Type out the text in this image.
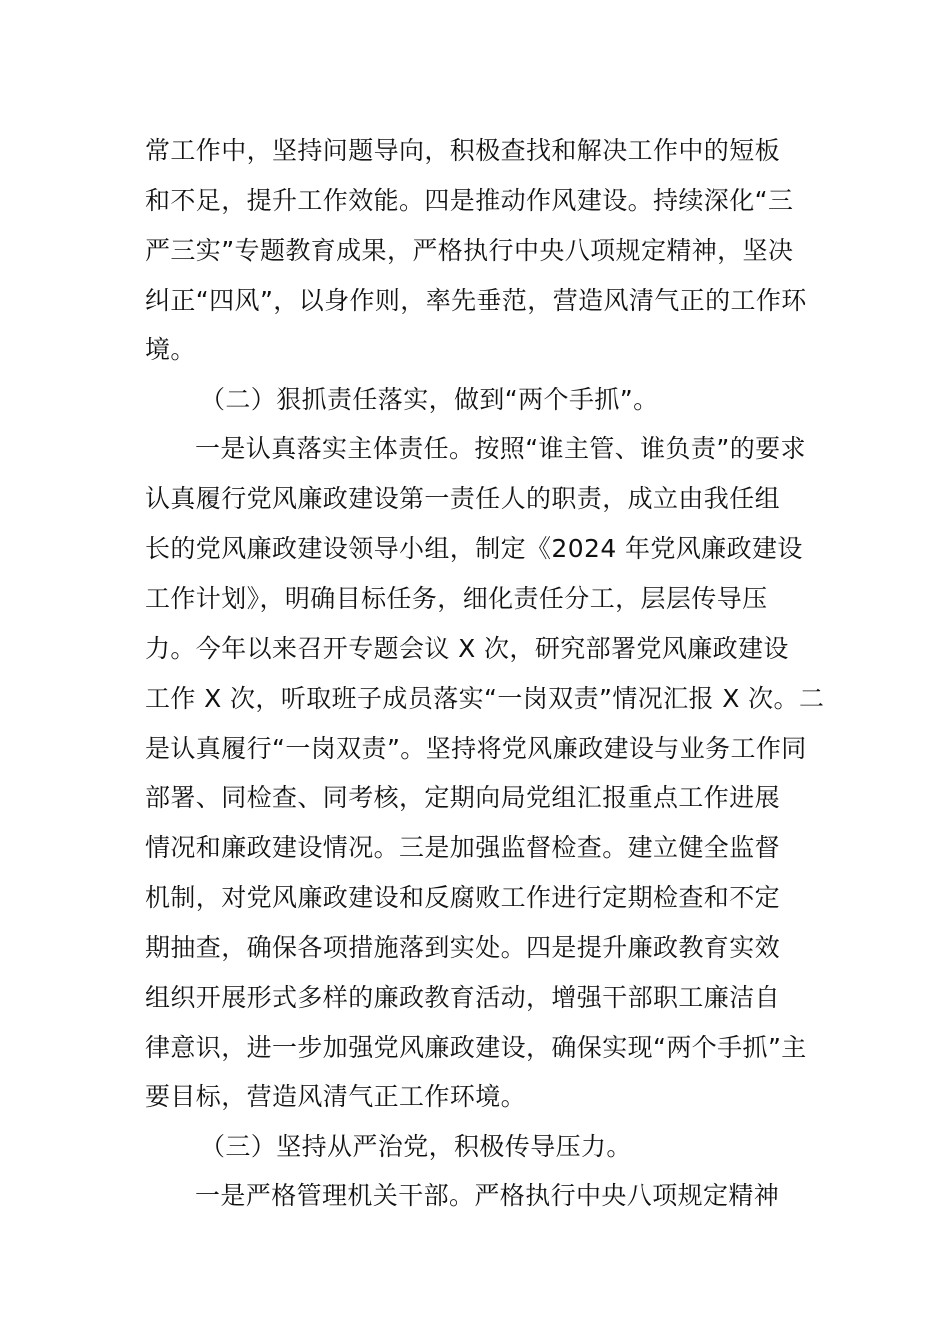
常工作中，坚持问题导向，积极查找和解决工作中的短板
和不足，提升工作效能。四是推动作风建设。持续深化“三
严三实”专题教育成果，严格执行中央八项规定精神，坚决
纠正“四风”，以身作则，率先垂范，营造风清气正的工作环
境。
（二）狠抓责任落实，做到“两个手抓”。
一是认真落实主体责任。按照“谁主管、谁负责”的要求
认真履行党风廉政建设第一责任人的职责，成立由我任组
长的党风廉政建设领导小组，制定《2024 年党风廉政建设
工作计划》，明确目标任务，细化责任分工，层层传导压
力。今年以来召开专题会议 X 次，研究部署党风廉政建设
工作 X 次，听取班子成员落实“一岗双责”情况汇报 X 次。二
是认真履行“一岗双责”。坚持将党风廉政建设与业务工作同
部署、同检查、同考核，定期向局党组汇报重点工作进展
情况和廉政建设情况。三是加强监督检查。建立健全监督
机制，对党风廉政建设和反腐败工作进行定期检查和不定
期抽查，确保各项措施落到实处。四是提升廉政教育实效
组织开展形式多样的廉政教育活动，增强干部职工廉洁自
律意识，进一步加强党风廉政建设，确保实现“两个手抓”主
要目标，营造风清气正工作环境。
（三）坚持从严治党，积极传导压力。
一是严格管理机关干部。严格执行中央八项规定精神
